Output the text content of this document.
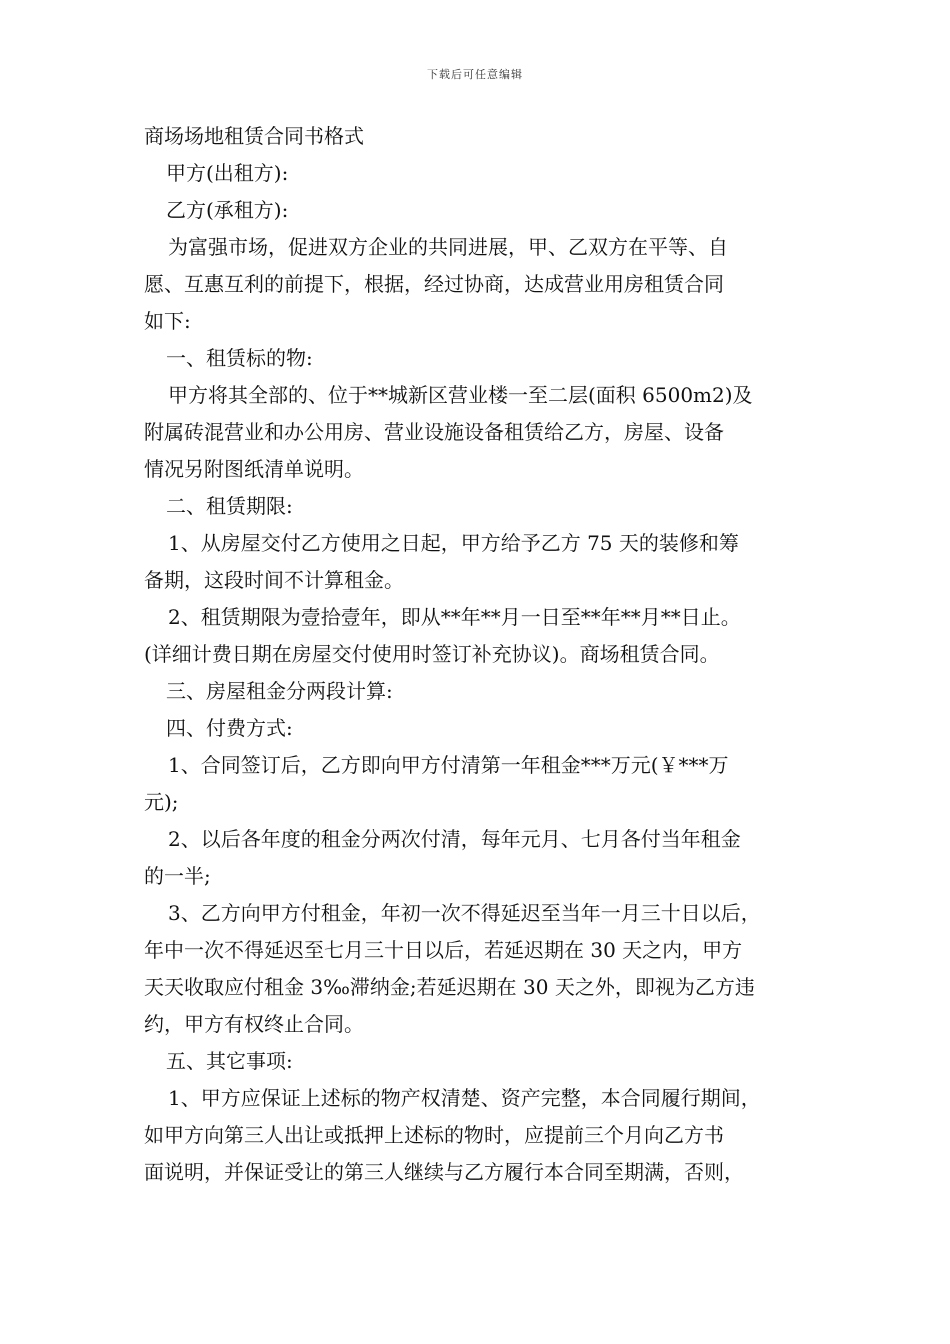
下载后可任意编辑

商场场地租赁合同书格式

甲方(出租方):

乙方(承租方):

为富强市场，促进双方企业的共同进展，甲、乙双方在平等、自

愿、互惠互利的前提下，根据，经过协商，达成营业用房租赁合同

如下:

一、租赁标的物:

甲方将其全部的、位于**城新区营业楼一至二层(面积 6500m2)及

附属砖混营业和办公用房、营业设施设备租赁给乙方，房屋、设备

情况另附图纸清单说明。

二、租赁期限:

1、从房屋交付乙方使用之日起，甲方给予乙方 75 天的装修和筹

备期，这段时间不计算租金。

2、租赁期限为壹拾壹年，即从**年**月一日至**年**月**日止。

(详细计费日期在房屋交付使用时签订补充协议)。商场租赁合同。

三、房屋租金分两段计算:

四、付费方式:

1、合同签订后，乙方即向甲方付清第一年租金***万元(￥***万

元);

2、以后各年度的租金分两次付清，每年元月、七月各付当年租金

的一半;

3、乙方向甲方付租金，年初一次不得延迟至当年一月三十日以后，

年中一次不得延迟至七月三十日以后，若延迟期在 30 天之内，甲方

天天收取应付租金 3‰滞纳金;若延迟期在 30 天之外，即视为乙方违

约，甲方有权终止合同。

五、其它事项:

1、甲方应保证上述标的物产权清楚、资产完整，本合同履行期间，

如甲方向第三人出让或抵押上述标的物时，应提前三个月向乙方书

面说明，并保证受让的第三人继续与乙方履行本合同至期满，否则，
